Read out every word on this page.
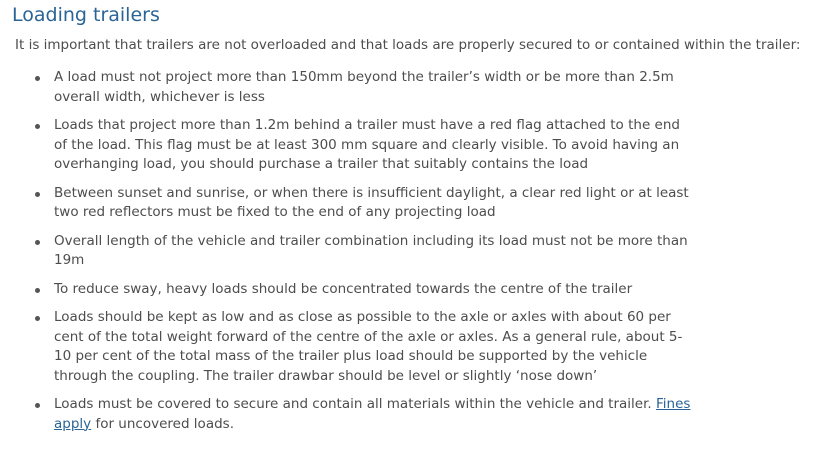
Loading trailers

It is important that trailers are not overloaded and that loads are properly secured to or contained within the trailer:

A load must not project more than 150mm beyond the trailer’s width or be more than 2.5m overall width, whichever is less
Loads that project more than 1.2m behind a trailer must have a red flag attached to the end of the load. This flag must be at least 300 mm square and clearly visible. To avoid having an overhanging load, you should purchase a trailer that suitably contains the load
Between sunset and sunrise, or when there is insufficient daylight, a clear red light or at least two red reflectors must be fixed to the end of any projecting load
Overall length of the vehicle and trailer combination including its load must not be more than 19m
To reduce sway, heavy loads should be concentrated towards the centre of the trailer
Loads should be kept as low and as close as possible to the axle or axles with about 60 per cent of the total weight forward of the centre of the axle or axles. As a general rule, about 5-10 per cent of the total mass of the trailer plus load should be supported by the vehicle through the coupling. The trailer drawbar should be level or slightly ‘nose down’
Loads must be covered to secure and contain all materials within the vehicle and trailer. Fines apply for uncovered loads.
